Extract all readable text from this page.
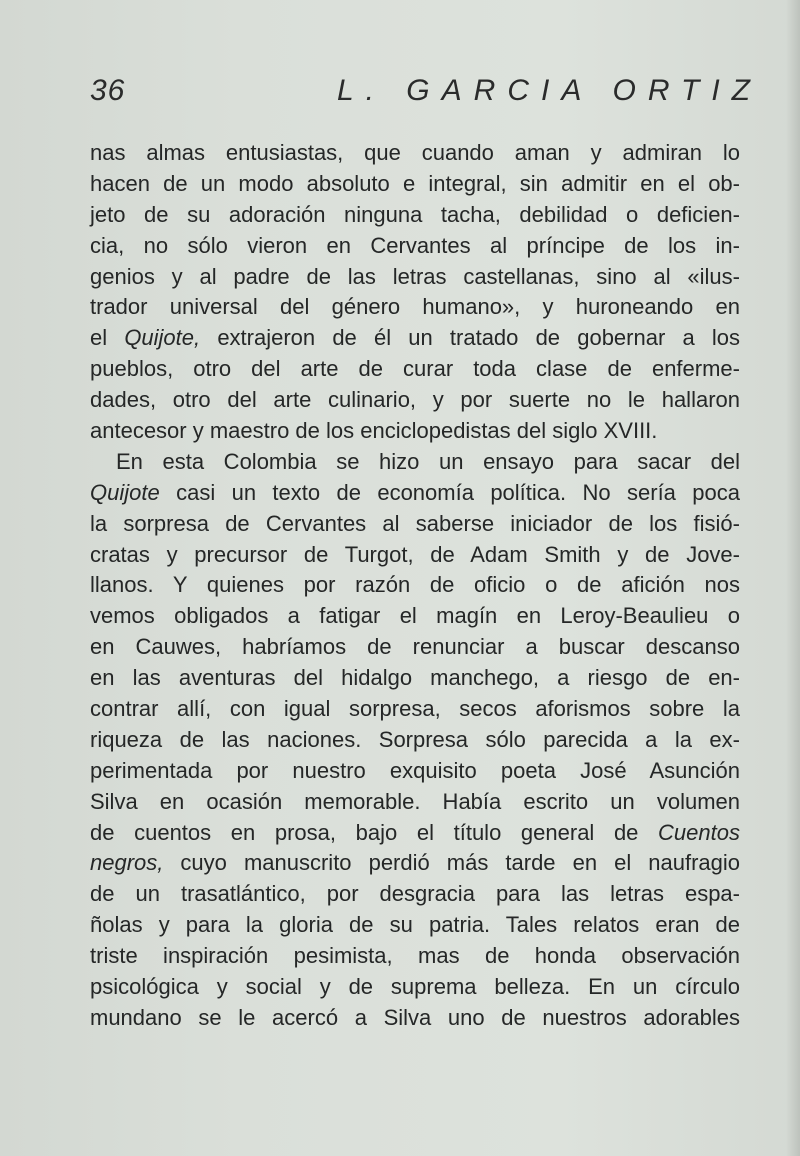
36	L. GARCIA ORTIZ
nas almas entusiastas, que cuando aman y admiran lo
hacen de un modo absoluto e integral, sin admitir en el ob-
jeto de su adoración ninguna tacha, debilidad o deficien-
cia, no sólo vieron en Cervantes al príncipe de los in-
genios y al padre de las letras castellanas, sino al «ilus-
trador universal del género humano», y huroneando en
el Quijote, extrajeron de él un tratado de gobernar a los
pueblos, otro del arte de curar toda clase de enferme-
dades, otro del arte culinario, y por suerte no le hallaron
antecesor y maestro de los enciclopedistas del siglo XVIII.
En esta Colombia se hizo un ensayo para sacar del
Quijote casi un texto de economía política. No sería poca
la sorpresa de Cervantes al saberse iniciador de los fisió-
cratas y precursor de Turgot, de Adam Smith y de Jove-
llanos. Y quienes por razón de oficio o de afición nos
vemos obligados a fatigar el magín en Leroy-Beaulieu o
en Cauwes, habríamos de renunciar a buscar descanso
en las aventuras del hidalgo manchego, a riesgo de en-
contrar allí, con igual sorpresa, secos aforismos sobre la
riqueza de las naciones. Sorpresa sólo parecida a la ex-
perimentada por nuestro exquisito poeta José Asunción
Silva en ocasión memorable. Había escrito un volumen
de cuentos en prosa, bajo el título general de Cuentos
negros, cuyo manuscrito perdió más tarde en el naufragio
de un trasatlántico, por desgracia para las letras espa-
ñolas y para la gloria de su patria. Tales relatos eran de
triste inspiración pesimista, mas de honda observación
psicológica y social y de suprema belleza. En un círculo
mundano se le acercó a Silva uno de nuestros adorables
